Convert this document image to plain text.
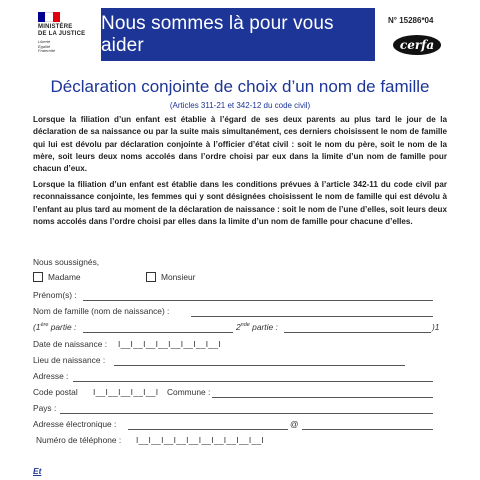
MINISTÈRE
DE LA JUSTICE
Liberté
Égalité
Fraternité
Nous sommes là pour vous aider
N° 15286*04
cerfa
Déclaration conjointe de choix d’un nom de famille
(Articles 311-21 et 342-12 du code civil)
Lorsque la filiation d’un enfant est établie à l’égard de ses deux parents au plus tard le jour de la déclaration de sa naissance ou par la suite mais simultanément, ces derniers choisissent le nom de famille qui lui est dévolu par déclaration conjointe à l’officier d’état civil : soit le nom du père, soit le nom de la mère, soit leurs deux noms accolés dans l’ordre choisi par eux dans la limite d’un nom de famille pour chacun d’eux.
Lorsque la filiation d’un enfant est établie dans les conditions prévues à l’article 342-11 du code civil par reconnaissance conjointe, les femmes qui y sont désignées choisissent le nom de famille qui est dévolu à l’enfant au plus tard au moment de la déclaration de naissance : soit le nom de l’une d’elles, soit leurs deux noms accolés dans l’ordre choisi par elles dans la limite d’un nom de famille pour chacune d’elles.
Nous soussignés,
Madame	Monsieur
Prénom(s) :
Nom de famille (nom de naissance) :
(1ère partie :	2nde partie :	)1
Date de naissance : I__I__I__I__I__I__I__I__I
Lieu de naissance :
Adresse :
Code postal I__I__I__I__I__I Commune :
Pays :
Adresse électronique :	@
Numéro de téléphone : I__I__I__I__I__I__I__I__I__I__I
Et
